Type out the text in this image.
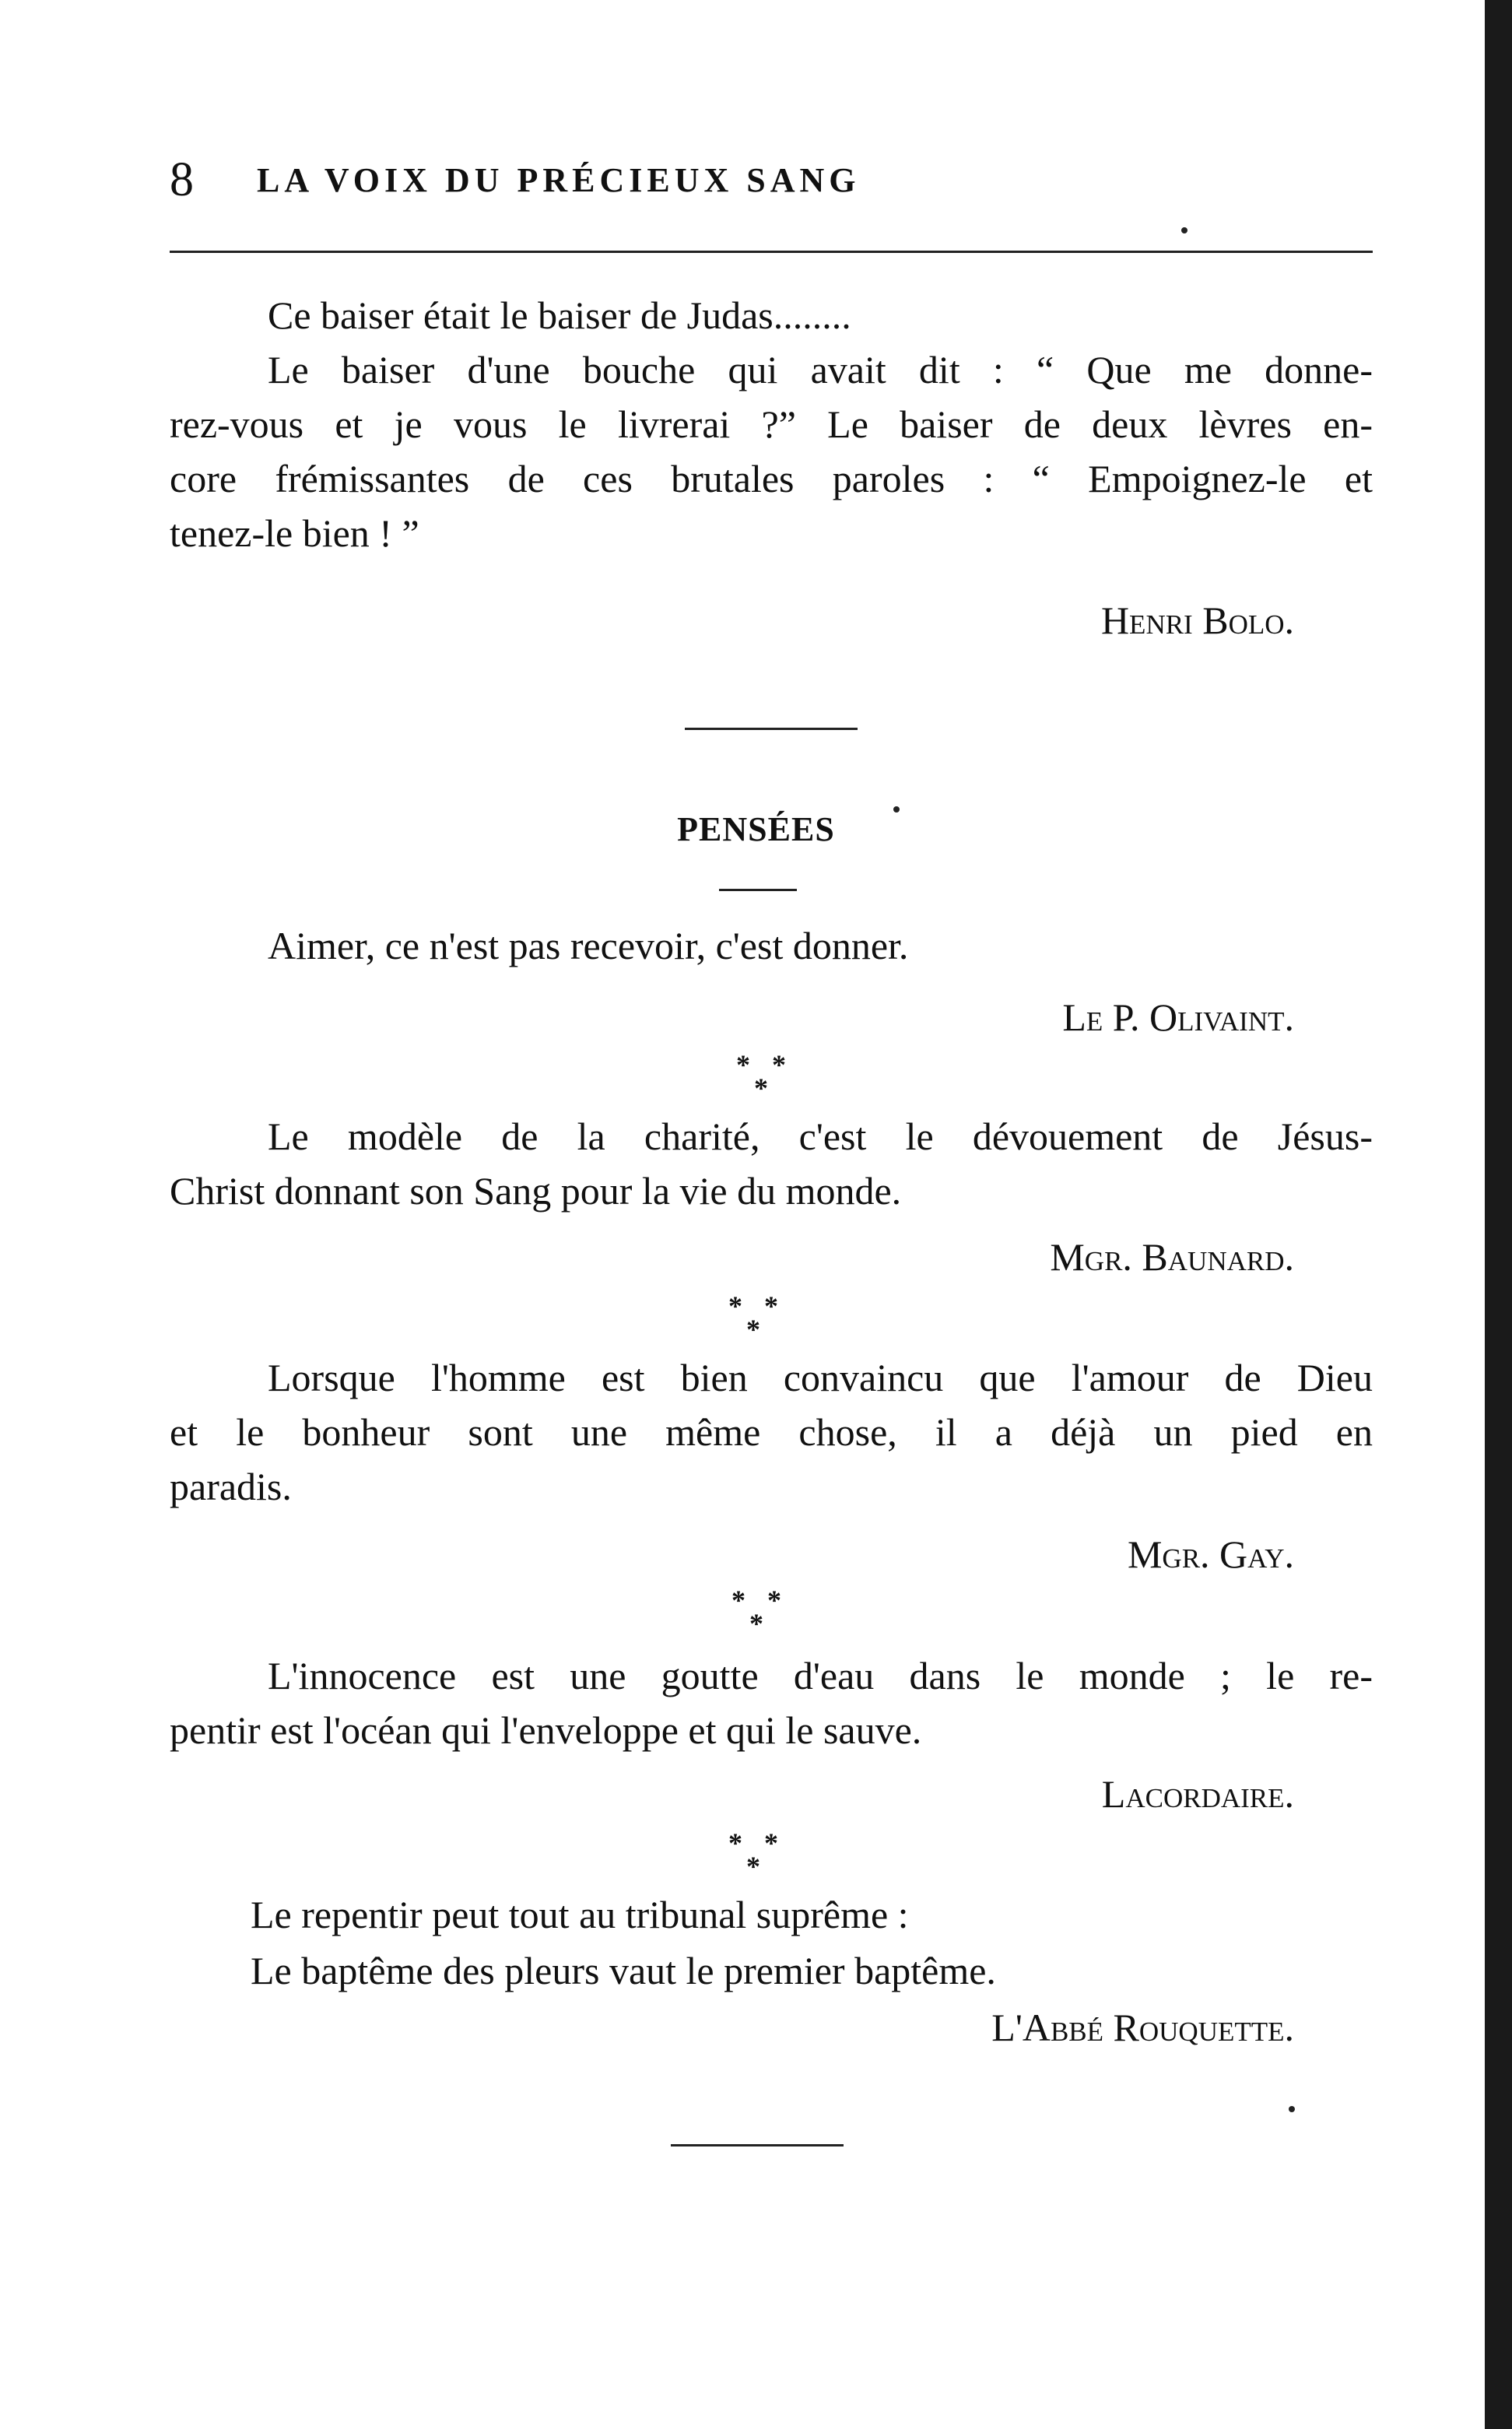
8 LA VOIX DU PRÉCIEUX SANG

Ce baiser était le baiser de Judas........

Le baiser d'une bouche qui avait dit : “ Que me donne-
rez-vous et je vous le livrerai ?” Le baiser de deux lèvres en-
core frémissantes de ces brutales paroles : “ Empoignez-le et
tenez-le bien ! ”

Henri Bolo.
PENSÉES

Aimer, ce n'est pas recevoir, c'est donner.

Le P. Olivaint.
* *
*

Le modèle de la charité, c'est le dévouement de Jésus-
Christ donnant son Sang pour la vie du monde.

Mgr. Baunard.
* *
*

Lorsque l'homme est bien convaincu que l'amour de Dieu
et le bonheur sont une même chose, il a déjà un pied en
paradis.

Mgr. Gay.
* *
*

L'innocence est une goutte d'eau dans le monde ; le re-
pentir est l'océan qui l'enveloppe et qui le sauve.

Lacordaire.
* *
*
Le repentir peut tout au tribunal suprême :
Le baptême des pleurs vaut le premier baptême.
L'Abbé Rouquette.
